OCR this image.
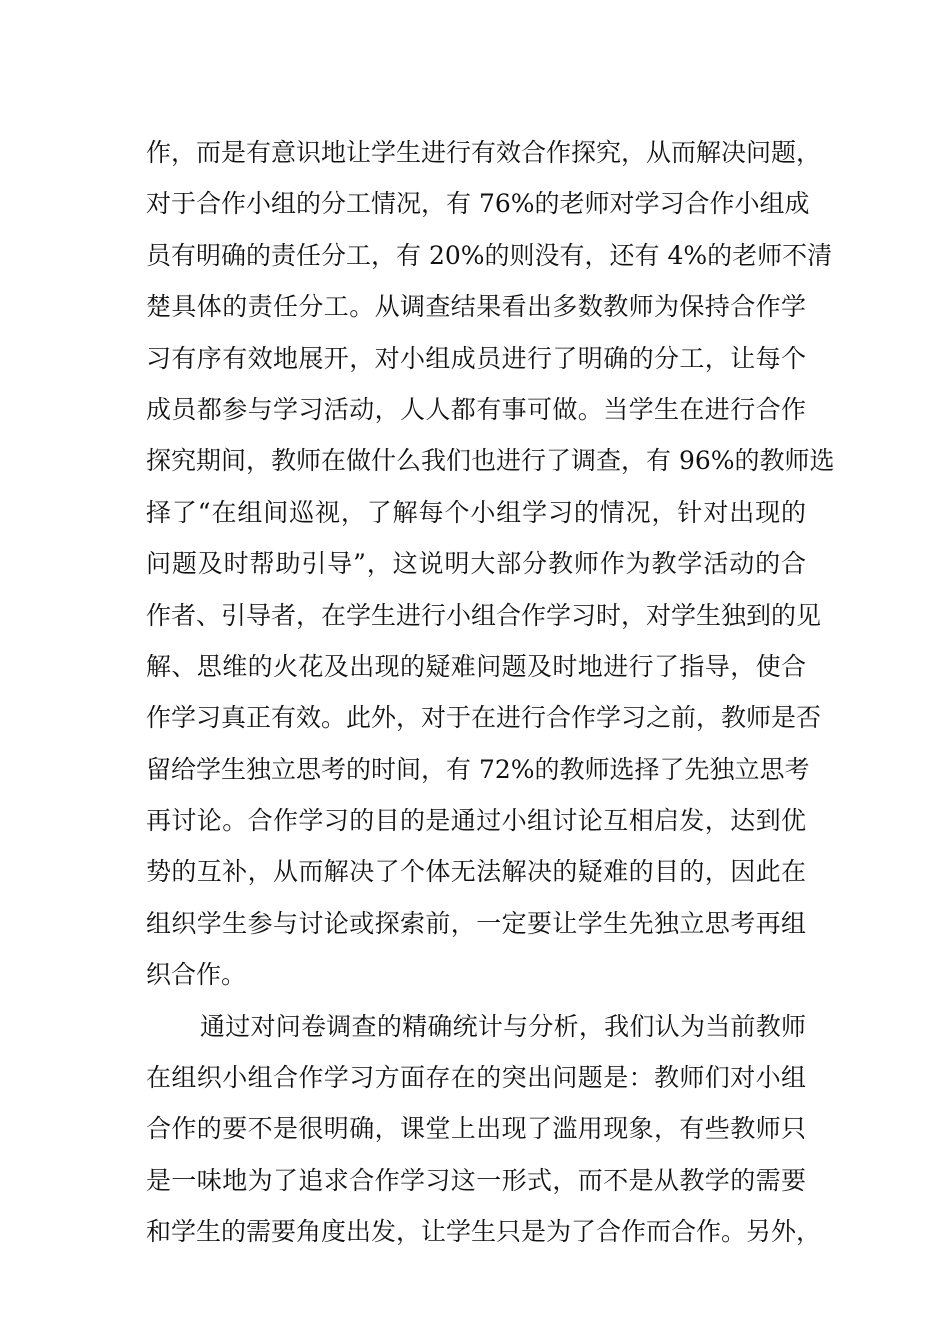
作，而是有意识地让学生进行有效合作探究，从而解决问题，
对于合作小组的分工情况，有 76%的老师对学习合作小组成
员有明确的责任分工，有 20%的则没有，还有 4%的老师不清
楚具体的责任分工。从调查结果看出多数教师为保持合作学
习有序有效地展开，对小组成员进行了明确的分工，让每个
成员都参与学习活动，人人都有事可做。当学生在进行合作
探究期间，教师在做什么我们也进行了调查，有 96%的教师选
择了“在组间巡视，了解每个小组学习的情况，针对出现的
问题及时帮助引导”，这说明大部分教师作为教学活动的合
作者、引导者，在学生进行小组合作学习时，对学生独到的见
解、思维的火花及出现的疑难问题及时地进行了指导，使合
作学习真正有效。此外，对于在进行合作学习之前，教师是否
留给学生独立思考的时间，有 72%的教师选择了先独立思考
再讨论。合作学习的目的是通过小组讨论互相启发，达到优
势的互补，从而解决了个体无法解决的疑难的目的，因此在
组织学生参与讨论或探索前，一定要让学生先独立思考再组
织合作。
通过对问卷调查的精确统计与分析，我们认为当前教师
在组织小组合作学习方面存在的突出问题是：教师们对小组
合作的要不是很明确，课堂上出现了滥用现象，有些教师只
是一味地为了追求合作学习这一形式，而不是从教学的需要
和学生的需要角度出发，让学生只是为了合作而合作。另外，
